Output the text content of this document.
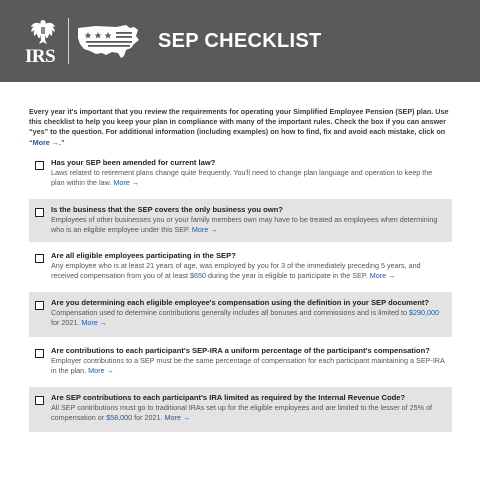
IRS
SEP CHECKLIST
Every year it's important that you review the requirements for operating your Simplified Employee Pension (SEP) plan. Use this checklist to help you keep your plan in compliance with many of the important rules. Check the box if you can answer “yes” to the question. For additional information (including examples) on how to find, fix and avoid each mistake, click on “More →.”
Has your SEP been amended for current law?
Laws related to retirement plans change quite frequently. You'll need to change plan language and operation to keep the plan within the law. More →
Is the business that the SEP covers the only business you own?
Employees of other businesses you or your family members own may have to be treated as employees when determining who is an eligible employee under this SEP. More →
Are all eligible employees participating in the SEP?
Any employee who is at least 21 years of age, was employed by you for 3 of the immediately preceding 5 years, and received compensation from you of at least $650 during the year is eligible to participate in the SEP. More →
Are you determining each eligible employee's compensation using the definition in your SEP document?
Compensation used to determine contributions generally includes all bonuses and commissions and is limited to $290,000 for 2021. More →
Are contributions to each participant's SEP-IRA a uniform percentage of the participant's compensation?
Employer contributions to a SEP must be the same percentage of compensation for each participant maintaining a SEP-IRA in the plan. More →
Are SEP contributions to each participant's IRA limited as required by the Internal Revenue Code?
All SEP contributions must go to traditional IRAs set up for the eligible employees and are limited to the lesser of 25% of compensation or $58,000 for 2021. More →
